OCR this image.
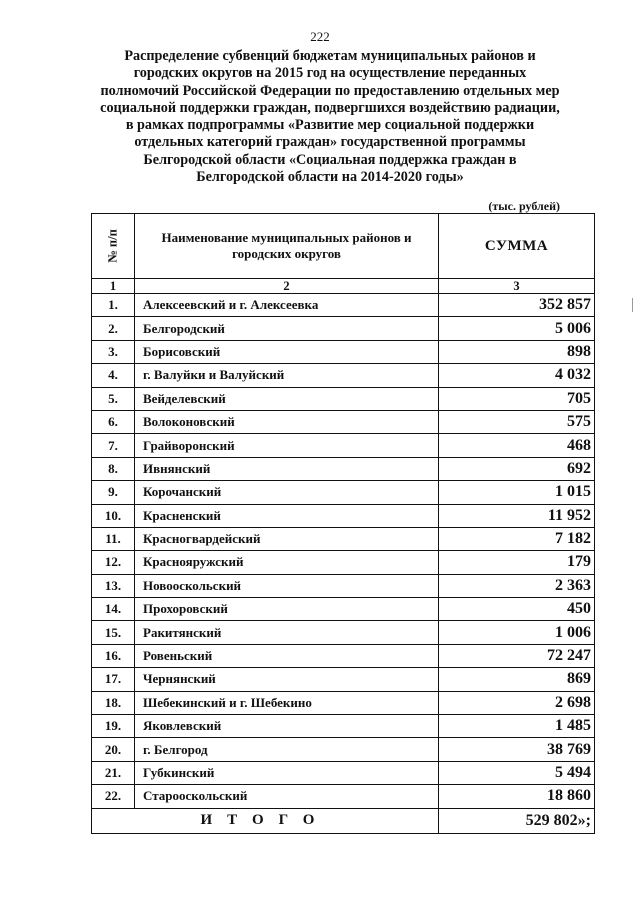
222
Распределение субвенций бюджетам муниципальных районов и
городских округов на 2015 год на осуществление переданных
полномочий Российской Федерации по предоставлению отдельных мер
социальной поддержки граждан, подвергшихся воздействию радиации,
в рамках подпрограммы «Развитие мер социальной поддержки
отдельных категорий граждан» государственной программы
Белгородской области «Социальная поддержка граждан в
Белгородской области на 2014-2020 годы»
(тыс. рублей)
№ п/п	Наименование муниципальных районов и городских округов	СУММА
1	2	3
1.	Алексеевский и г. Алексеевка	352 857
2.	Белгородский	5 006
3.	Борисовский	898
4.	г. Валуйки и Валуйский	4 032
5.	Вейделевский	705
6.	Волоконовский	575
7.	Грайворонский	468
8.	Ивнянский	692
9.	Корочанский	1 015
10.	Красненский	11 952
11.	Красногвардейский	7 182
12.	Краснояружский	179
13.	Новооскольский	2 363
14.	Прохоровский	450
15.	Ракитянский	1 006
16.	Ровеньский	72 247
17.	Чернянский	869
18.	Шебекинский и г. Шебекино	2 698
19.	Яковлевский	1 485
20.	г. Белгород	38 769
21.	Губкинский	5 494
22.	Старооскольский	18 860
ИТОГО		529 802»;
